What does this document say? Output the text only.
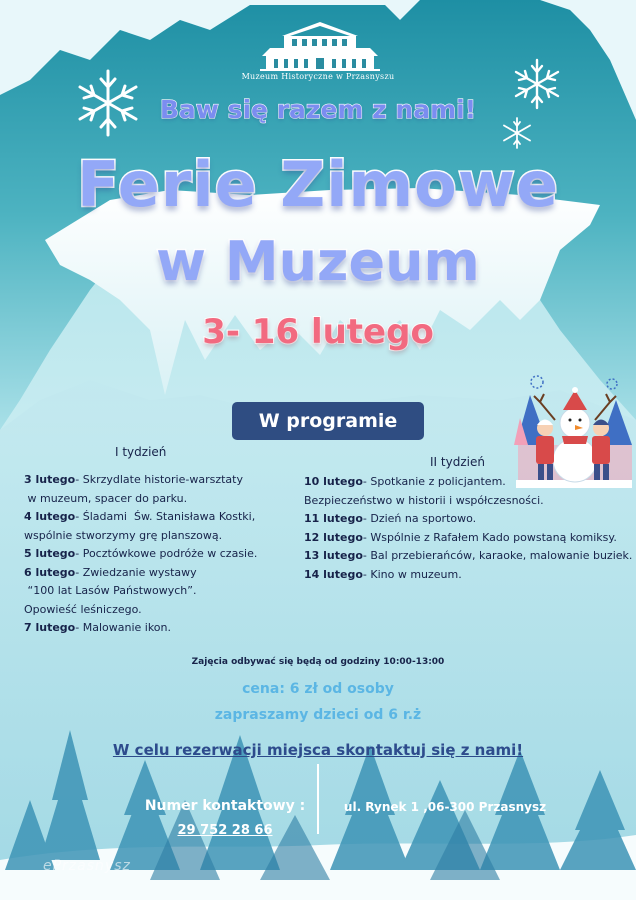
Muzeum Historyczne w Przasnyszu
Baw się razem z nami!
Ferie Zimowe
w Muzeum
3- 16 lutego
W programie
I tydzień
3 lutego- Skrzydlate historie-warsztaty
w muzeum, spacer do parku.
4 lutego- Śladami  Św. Stanisława Kostki,
wspólnie stworzymy grę planszową.
5 lutego- Pocztówkowe podróże w czasie.
6 lutego- Zwiedzanie wystawy
“100 lat Lasów Państwowych”.
Opowieść leśniczego.
7 lutego- Malowanie ikon.
II tydzień
10 lutego- Spotkanie z policjantem.
Bezpieczeństwo w historii i współczesności.
11 lutego- Dzień na sportowo.
12 lutego- Wspólnie z Rafałem Kado powstaną komiksy.
13 lutego- Bal przebierańców, karaoke, malowanie buziek.
14 lutego- Kino w muzeum.
Zajęcia odbywać się będą od godziny 10:00-13:00
cena: 6 zł od osoby
zapraszamy dzieci od 6 r.ż
W celu rezerwacji miejsca skontaktuj się z nami!
Numer kontaktowy :
29 752 28 66
ul. Rynek 1 ,06-300 Przasnysz
ePrzasnysz
